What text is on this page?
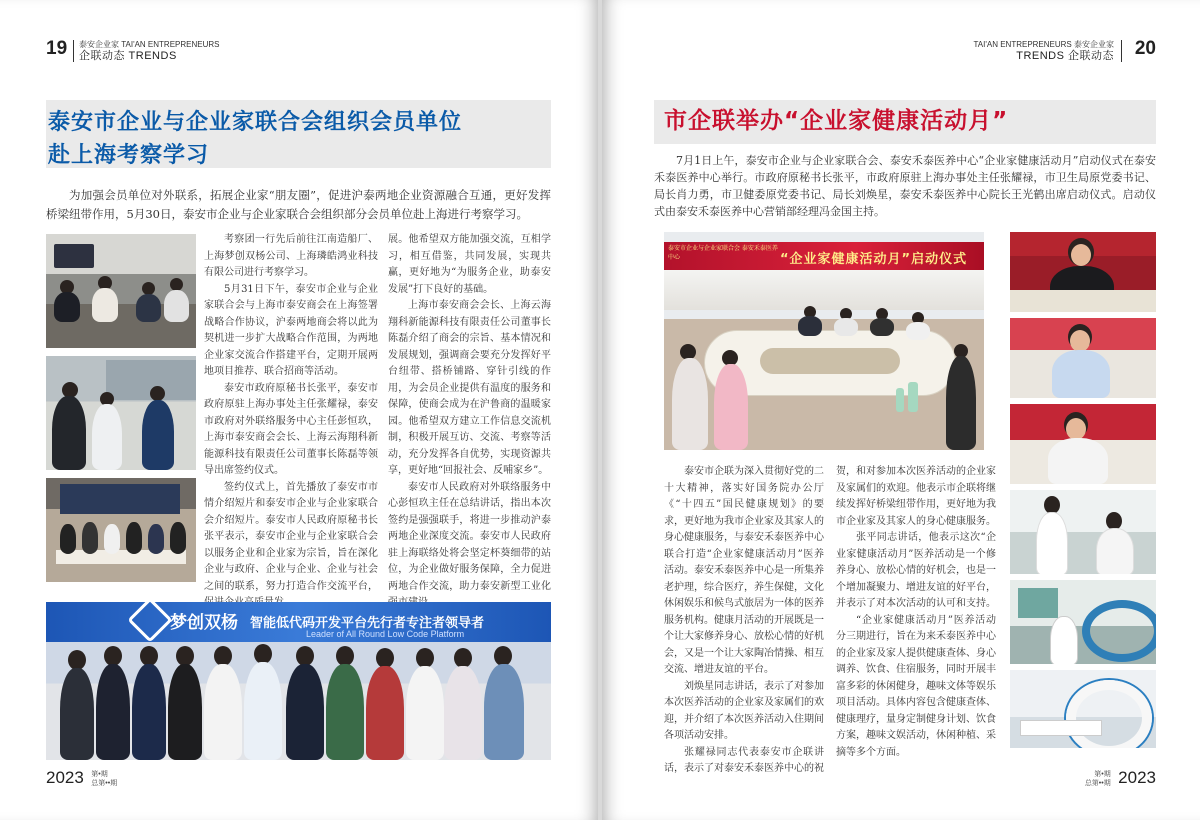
19 泰安企业家 TAI'AN ENTREPRENEURS
企联动态 TRENDS
泰安市企业与企业家联合会组织会员单位
赴上海考察学习

为加强会员单位对外联系，拓展企业家“朋友圈”，促进沪泰两地企业资源融合互通，更好发挥桥梁纽带作用，5月30日，泰安市企业与企业家联合会组织部分会员单位赴上海进行考察学习。

考察团一行先后前往江南造船厂、上海梦创双杨公司、上海璘皓鸿业科技有限公司进行考察学习。

5月31日下午，泰安市企业与企业家联合会与上海市泰安商会在上海签署战略合作协议，沪泰两地商会将以此为契机进一步扩大战略合作范围，为两地企业家交流合作搭建平台，定期开展两地项目推荐、联合招商等活动。

泰安市政府原秘书长张平，泰安市政府原驻上海办事处主任张耀禄，泰安市政府对外联络服务中心主任彭恒玖，上海市泰安商会会长、上海云海翔科新能源科技有限责任公司董事长陈磊等领导出席签约仪式。

签约仪式上，首先播放了泰安市市情介绍短片和泰安市企业与企业家联合会介绍短片。泰安市人民政府原秘书长张平表示，泰安市企业与企业家联合会以服务企业和企业家为宗旨，旨在深化企业与政府、企业与企业、企业与社会之间的联系，努力打造合作交流平台，

展。他希望双方能加强交流，互相学习，相互借鉴，共同发展，实现共赢，更好地为“为服务企业，助泰安发展”打下良好的基础。

上海市泰安商会会长、上海云海翔科新能源科技有限责任公司董事长陈磊介绍了商会的宗旨、基本情况和发展规划，强调商会要充分发挥好平台纽带、搭桥铺路、穿针引线的作用，为会员企业提供有温度的服务和保障，使商会成为在沪鲁商的温暖家园。他希望双方建立工作信息交流机制，积极开展互访、交流、考察等活动，充分发挥各自优势，实现资源共享，更好地“回报社会、反哺家乡”。

泰安市人民政府对外联络服务中心彭恒玖主任在总结讲话，指出本次签约是强强联手，将进一步推动沪泰两地企业深度交流。泰安市人民政府驻上海联络处将会坚定杯葵细带的站位，为企业做好服务保障，全力促进两地合作交流，助力泰安新型工业化

梦创双杨 智能低代码开发平台先行者专注者领导者
Leader of All Round Low Code Platform
2023 第•期
总第••期
TAI'AN ENTREPRENEURS 泰安企业家
TRENDS 企联动态 20
市企联举办“企业家健康活动月”

7月1日上午，泰安市企业与企业家联合会、泰安禾泰医养中心“企业家健康活动月”启动仪式在泰安禾泰医养中心举行。市政府原秘书长张平，市政府原驻上海办事处主任张耀禄，市卫生局原党委书记、局长肖力勇，市卫健委原党委书记、局长刘焕星，泰安禾泰医养中心院长王光鹤出席启动仪式。启动仪式由泰安禾泰医养中心营销部经理冯金国主持。

泰安市企业与企业家联合会 泰安禾泰医养中心	“企业家健康活动月”启动仪式

泰安市企联为深入贯彻好党的二十大精神，落实好国务院办公厅《“十四五”国民健康规划》的要求，更好地为我市企业家及其家人的身心健康服务，与泰安禾泰医养中心联合打造“企业家健康活动月”医养活动。泰安禾泰医养中心是一所集养老护理，综合医疗，养生保健，文化休闲娱乐和候鸟式旅居为一体的医养服务机构。健康月活动的开展既是一个让大家修养身心、放松心情的好机会，又是一个让大家陶冶情操、相互交流、增进友谊的平台。

刘焕星同志讲话，表示了对参加本次医养活动的企业家及家属们的欢迎，并介绍了本次医养活动入住期间各项活动安排。

张耀禄同志代表泰安市企联讲话，表示了对泰安禾泰医养中心的祝

贺，和对参加本次医养活动的企业家及家属们的欢迎。他表示市企联将继续发挥好桥梁纽带作用，更好地为我市企业家及其家人的身心健康服务。

张平同志讲话，他表示这次“企业家健康活动月”医养活动是一个修养身心、放松心情的好机会，也是一个增加凝聚力、增进友谊的好平台，并表示了对本次活动的认可和支持。

“企业家健康活动月”医养活动分三期进行，旨在为来禾泰医养中心的企业家及家人提供健康查体、身心调养、饮食、住宿服务，同时开展丰富多彩的休闲健身，趣味文体等娱乐项目活动。具体内容包含健康查体、健康理疗，量身定制健身计划、饮食方案，趣味文娱活动，休闲种植、采摘等多个方面。

第•期
总第••期 2023
